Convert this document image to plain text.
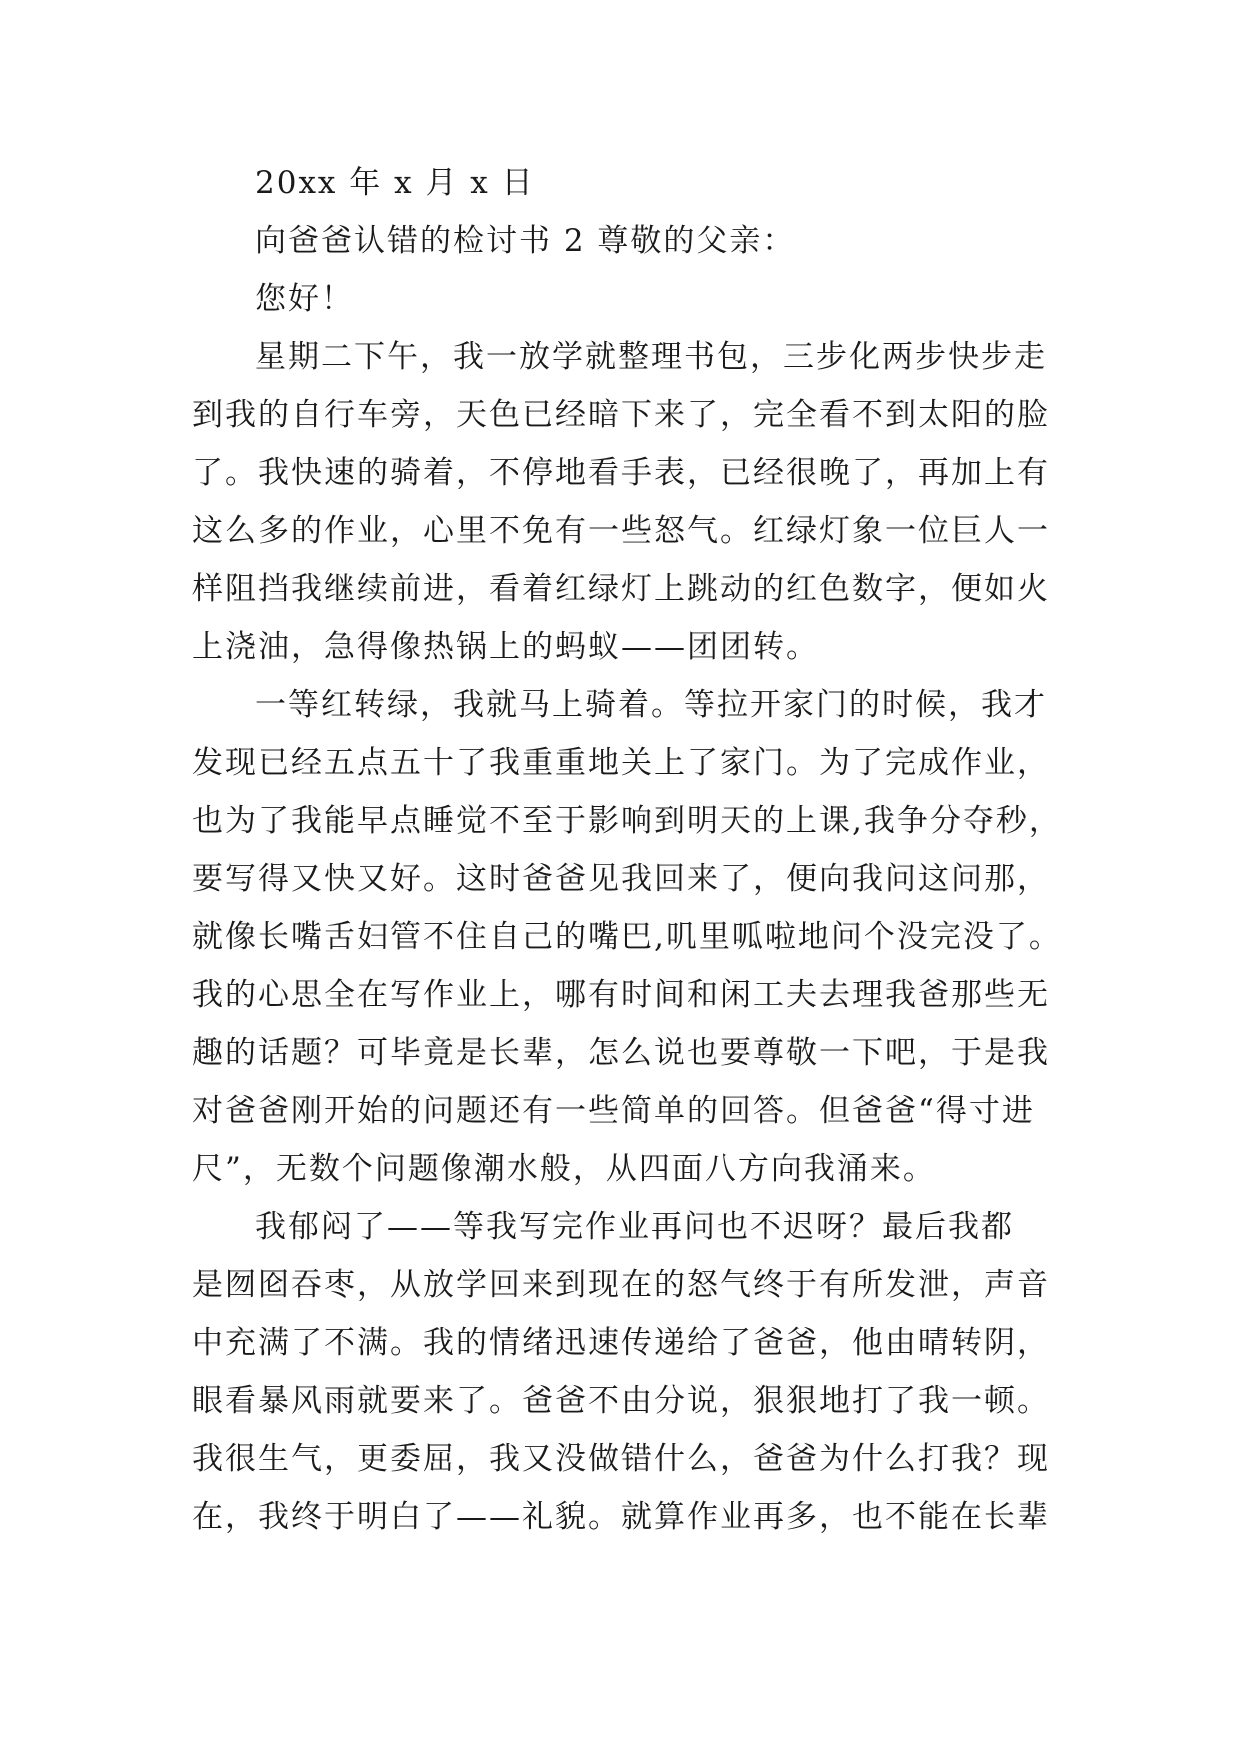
20xx 年 x 月 x 日
向爸爸认错的检讨书 2 尊敬的父亲：
您好！
星期二下午，我一放学就整理书包，三步化两步快步走
到我的自行车旁，天色已经暗下来了，完全看不到太阳的脸
了。我快速的骑着，不停地看手表，已经很晚了，再加上有
这么多的作业，心里不免有一些怒气。红绿灯象一位巨人一
样阻挡我继续前进，看着红绿灯上跳动的红色数字，便如火
上浇油，急得像热锅上的蚂蚁——团团转。
一等红转绿，我就马上骑着。等拉开家门的时候，我才
发现已经五点五十了我重重地关上了家门。为了完成作业，
也为了我能早点睡觉不至于影响到明天的上课,我争分夺秒，
要写得又快又好。这时爸爸见我回来了，便向我问这问那，
就像长嘴舌妇管不住自己的嘴巴,叽里呱啦地问个没完没了。
我的心思全在写作业上，哪有时间和闲工夫去理我爸那些无
趣的话题？可毕竟是长辈，怎么说也要尊敬一下吧，于是我
对爸爸刚开始的问题还有一些简单的回答。但爸爸“得寸进
尺”，无数个问题像潮水般，从四面八方向我涌来。
我郁闷了——等我写完作业再问也不迟呀？最后我都
是囫囵吞枣，从放学回来到现在的怒气终于有所发泄，声音
中充满了不满。我的情绪迅速传递给了爸爸，他由晴转阴，
眼看暴风雨就要来了。爸爸不由分说，狠狠地打了我一顿。
我很生气，更委屈，我又没做错什么，爸爸为什么打我？现
在，我终于明白了——礼貌。就算作业再多，也不能在长辈
